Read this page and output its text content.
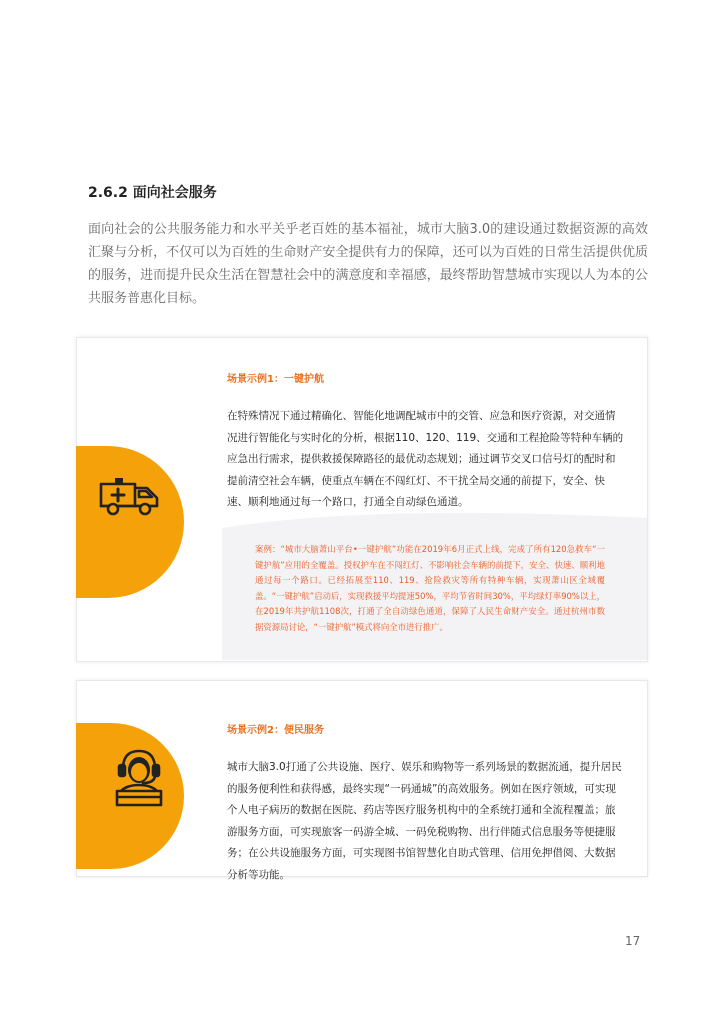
2.6.2 面向社会服务
面向社会的公共服务能力和水平关乎老百姓的基本福祉，城市大脑3.0的建设通过数据资源的高效汇聚与分析，不仅可以为百姓的生命财产安全提供有力的保障，还可以为百姓的日常生活提供优质的服务，进而提升民众生活在智慧社会中的满意度和幸福感，最终帮助智慧城市实现以人为本的公共服务普惠化目标。
场景示例1：一键护航
在特殊情况下通过精确化、智能化地调配城市中的交管、应急和医疗资源，对交通情况进行智能化与实时化的分析，根据110、120、119、交通和工程抢险等特种车辆的应急出行需求，提供救援保障路径的最优动态规划；通过调节交叉口信号灯的配时和提前清空社会车辆，使重点车辆在不闯红灯、不干扰全局交通的前提下，安全、快速、顺利地通过每一个路口，打通全自动绿色通道。
案例：“城市大脑萧山平台•一键护航”功能在2019年6月正式上线，完成了所有120急救车“一键护航”应用的全覆盖。授权护车在不闯红灯、不影响社会车辆的前提下，安全、快速、顺利地通过每一个路口。已经拓展至110、119、抢险救灾等所有特种车辆，实现萧山区全域覆盖。“一键护航”启动后，实现救援平均提速50%，平均节省时间30%，平均绿灯率90%以上，在2019年共护航1108次，打通了全自动绿色通道，保障了人民生命财产安全。通过杭州市数据资源局讨论，“一键护航”模式将向全市进行推广。
场景示例2：便民服务
城市大脑3.0打通了公共设施、医疗、娱乐和购物等一系列场景的数据流通，提升居民的服务便利性和获得感，最终实现“一码通城”的高效服务。例如在医疗领域，可实现个人电子病历的数据在医院、药店等医疗服务机构中的全系统打通和全流程覆盖；旅游服务方面，可实现旅客一码游全城、一码免税购物、出行伴随式信息服务等便捷服务；在公共设施服务方面，可实现图书馆智慧化自助式管理、信用免押借阅、大数据分析等功能。
17
